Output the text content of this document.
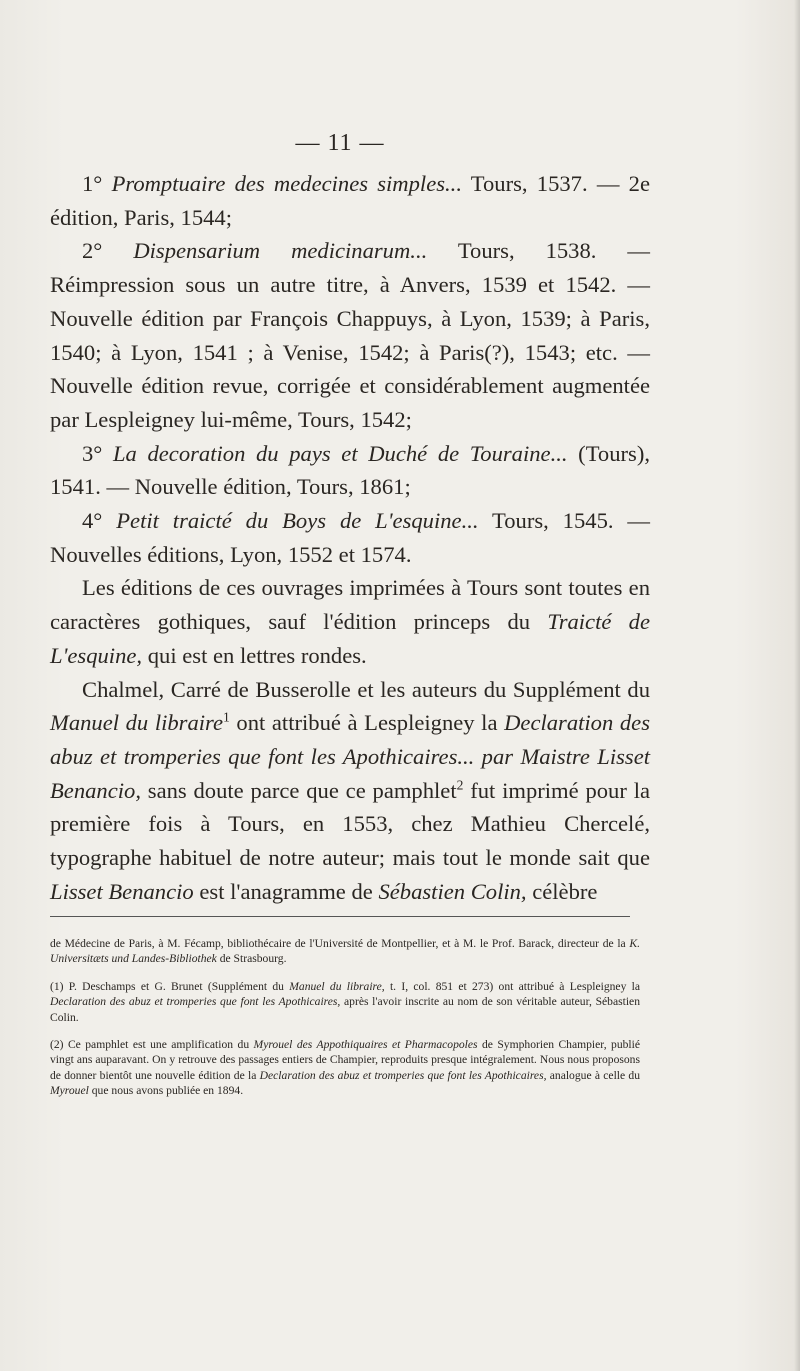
— 11 —

1° Promptuaire des medecines simples... Tours, 1537. — 2e édition, Paris, 1544;

2° Dispensarium medicinarum... Tours, 1538. — Réimpression sous un autre titre, à Anvers, 1539 et 1542. — Nouvelle édition par François Chappuys, à Lyon, 1539; à Paris, 1540; à Lyon, 1541 ; à Venise, 1542; à Paris(?), 1543; etc. — Nouvelle édition revue, corrigée et considérablement augmentée par Lespleigney lui-même, Tours, 1542;

3° La decoration du pays et Duché de Touraine... (Tours), 1541. — Nouvelle édition, Tours, 1861;

4° Petit traicté du Boys de L'esquine... Tours, 1545. — Nouvelles éditions, Lyon, 1552 et 1574.

Les éditions de ces ouvrages imprimées à Tours sont toutes en caractères gothiques, sauf l'édition princeps du Traicté de L'esquine, qui est en lettres rondes.

Chalmel, Carré de Busserolle et les auteurs du Supplément du Manuel du libraire$^1$ ont attribué à Lespleigney la Declaration des abuz et tromperies que font les Apothicaires... par Maistre Lisset Benancio, sans doute parce que ce pamphlet$^2$ fut imprimé pour la première fois à Tours, en 1553, chez Mathieu Chercelé, typographe habituel de notre auteur; mais tout le monde sait que Lisset Benancio est l'anagramme de Sébastien Colin, célèbre

de Médecine de Paris, à M. Fécamp, bibliothécaire de l'Université de Montpellier, et à M. le Prof. Barack, directeur de la K. Universitæts und Landes-Bibliothek de Strasbourg.

(1) P. Deschamps et G. Brunet (Supplément du Manuel du libraire, t. I, col. 851 et 273) ont attribué à Lespleigney la Declaration des abuz et tromperies que font les Apothicaires, après l'avoir inscrite au nom de son véritable auteur, Sébastien Colin.

(2) Ce pamphlet est une amplification du Myrouel des Appothiquaires et Pharmacopoles de Symphorien Champier, publié vingt ans auparavant. On y retrouve des passages entiers de Champier, reproduits presque intégralement. Nous nous proposons de donner bientôt une nouvelle édition de la Declaration des abuz et tromperies que font les Apothicaires, analogue à celle du Myrouel que nous avons publiée en 1894.
